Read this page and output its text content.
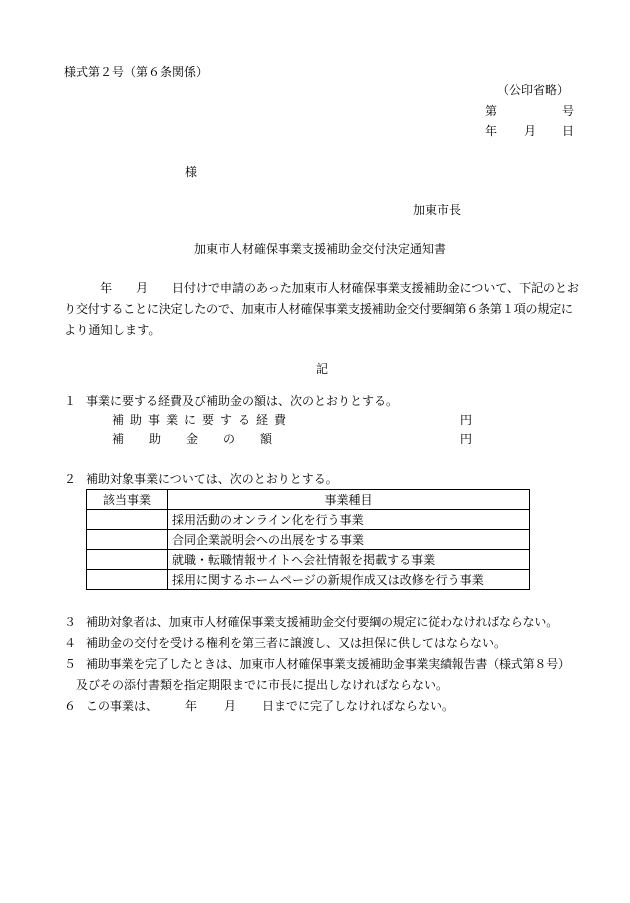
様式第２号（第６条関係）
（公印省略）
第	号
年 月 日
様
加東市長
加東市人材確保事業支援補助金交付決定通知書
年　　月　　日付けで申請のあった加東市人材確保事業支援補助金について、下記のとお
り交付することに決定したので、加東市人材確保事業支援補助金交付要綱第６条第１項の規定に
より通知します。
記
１ 事業に要する経費及び補助金の額は、次のとおりとする。
補助事業に要する経費	円
補助金の額	円
２ 補助対象事業については、次のとおりとする。
該当事業	事業種目
	採用活動のオンライン化を行う事業
	合同企業説明会への出展をする事業
	就職・転職情報サイトへ会社情報を掲載する事業
	採用に関するホームページの新規作成又は改修を行う事業
３ 補助対象者は、加東市人材確保事業支援補助金交付要綱の規定に従わなければならない。
４ 補助金の交付を受ける権利を第三者に譲渡し、又は担保に供してはならない。
５ 補助事業を完了したときは、加東市人材確保事業支援補助金事業実績報告書（様式第８号）
及びその添付書類を指定期限までに市長に提出しなければならない。
６ この事業は、 年 月 日までに完了しなければならない。
